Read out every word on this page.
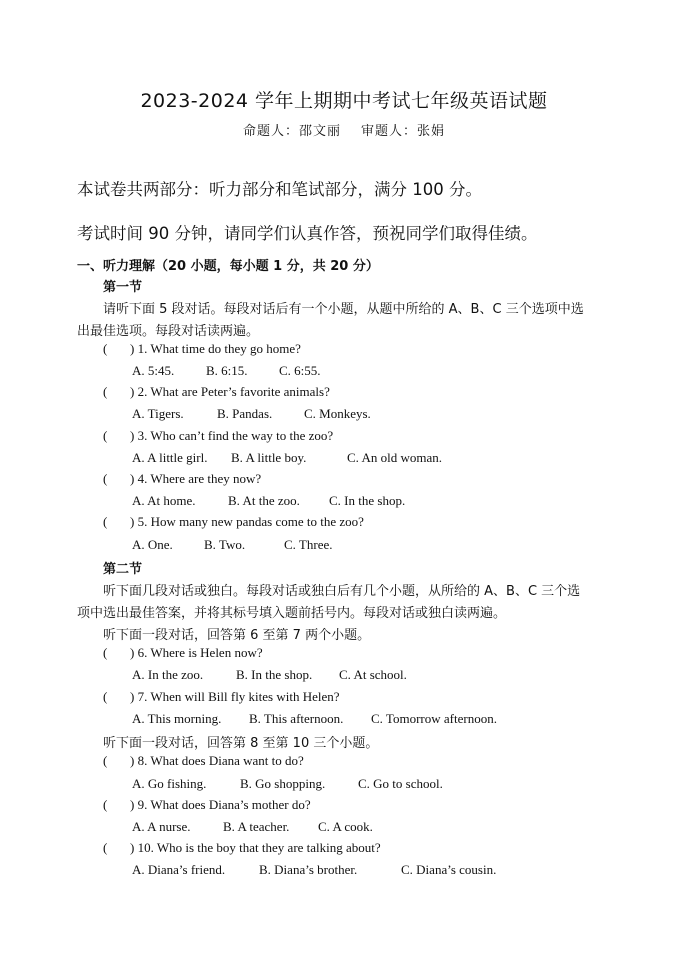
2023-2024 学年上期期中考试七年级英语试题
命题人：邵文丽 审题人：张娟
本试卷共两部分：听力部分和笔试部分，满分 100 分。
考试时间 90 分钟，请同学们认真作答，预祝同学们取得佳绩。
一、听力理解（20 小题，每小题 1 分，共 20 分）
第一节
请听下面 5 段对话。每段对话后有一个小题，从题中所给的 A、B、C 三个选项中选
出最佳选项。每段对话读两遍。
( ) 1. What time do they go home?
A. 5:45. B. 6:15. C. 6:55.
( ) 2. What are Peter’s favorite animals?
A. Tigers.	B. Pandas. C. Monkeys.
( ) 3. Who can’t find the way to the zoo?
A. A little girl. B. A little boy.	C. An old woman.
( ) 4. Where are they now?
A. At home. B. At the zoo. C. In the shop.
( ) 5. How many new pandas come to the zoo?
A. One. B. Two.	C. Three.
第二节
听下面几段对话或独白。每段对话或独白后有几个小题，从所给的 A、B、C 三个选
项中选出最佳答案，并将其标号填入题前括号内。每段对话或独白读两遍。
听下面一段对话，回答第 6 至第 7 两个小题。
( ) 6. Where is Helen now?
A. In the zoo.	B. In the shop. C. At school.
( ) 7. When will Bill fly kites with Helen?
A. This morning. B. This afternoon. C. Tomorrow afternoon.
听下面一段对话，回答第 8 至第 10 三个小题。
( ) 8. What does Diana want to do?
A. Go fishing.	B. Go shopping.	C. Go to school.
( ) 9. What does Diana’s mother do?
A. A nurse.	B. A teacher. C. A cook.
( ) 10. Who is the boy that they are talking about?
A. Diana’s friend.	B. Diana’s brother.	C. Diana’s cousin.
